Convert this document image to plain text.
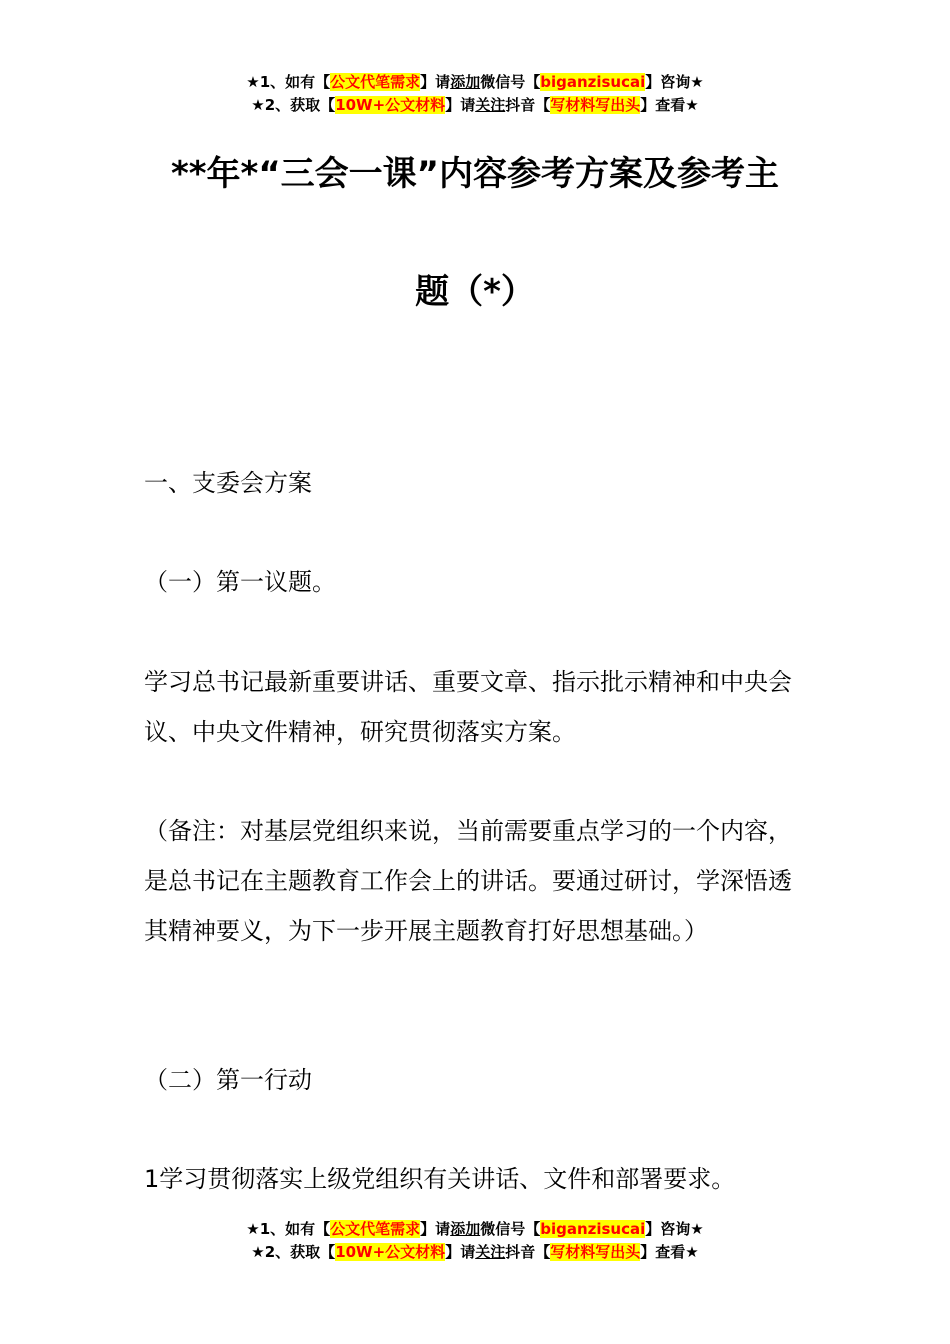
★1、如有【公文代笔需求】请添加微信号【biganzisucai】咨询★
★2、获取【10W+公文材料】请关注抖音【写材料写出头】查看★
**年*“三会一课”内容参考方案及参考主
题（*）

一、支委会方案

（一）第一议题。

学习总书记最新重要讲话、重要文章、指示批示精神和中央会议、中央文件精神，研究贯彻落实方案。

（备注：对基层党组织来说，当前需要重点学习的一个内容，是总书记在主题教育工作会上的讲话。要通过研讨，学深悟透其精神要义，为下一步开展主题教育打好思想基础。）

（二）第一行动

1学习贯彻落实上级党组织有关讲话、文件和部署要求。

★1、如有【公文代笔需求】请添加微信号【biganzisucai】咨询★
★2、获取【10W+公文材料】请关注抖音【写材料写出头】查看★
